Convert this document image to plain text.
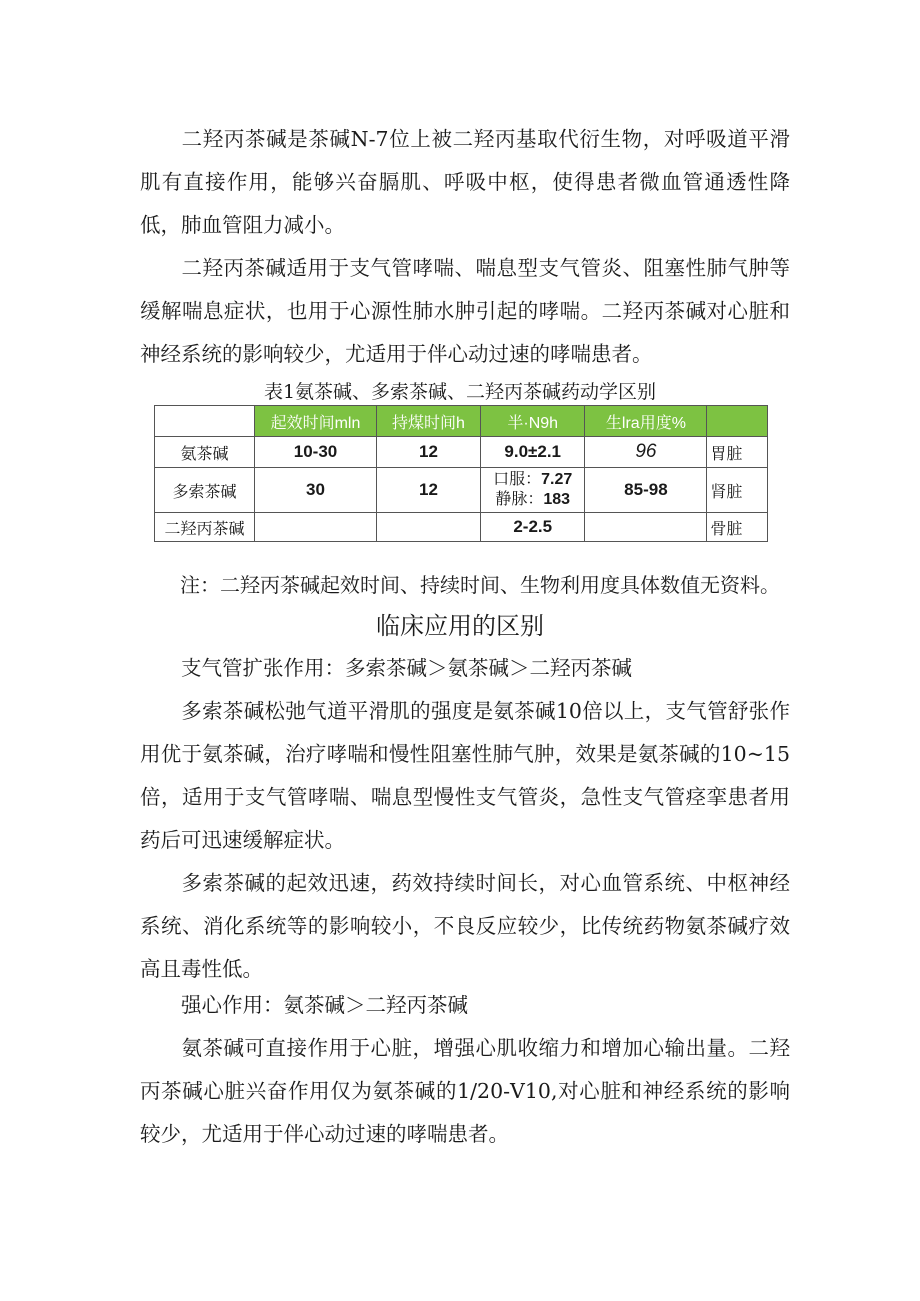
二羟丙茶碱是茶碱N-7位上被二羟丙基取代衍生物，对呼吸道平滑肌有直接作用，能够兴奋膈肌、呼吸中枢，使得患者微血管通透性降低，肺血管阻力减小。

二羟丙茶碱适用于支气管哮喘、喘息型支气管炎、阻塞性肺气肿等缓解喘息症状，也用于心源性肺水肿引起的哮喘。二羟丙茶碱对心脏和神经系统的影响较少，尤适用于伴心动过速的哮喘患者。

表1氨茶碱、多索茶碱、二羟丙茶碱药动学区别

	起效时间mln	持煤时间h	半·N9h	生lra用度%	
氨茶碱	10-30	12	9.0±2.1	96	胃脏
多索茶碱	30	12	口服：7.27
静脉：183	85-98	肾脏
二羟丙茶碱			2-2.5		骨脏

注：二羟丙茶碱起效时间、持续时间、生物利用度具体数值无资料。

临床应用的区别

支气管扩张作用：多索茶碱＞氨茶碱＞二羟丙茶碱

多索茶碱松弛气道平滑肌的强度是氨茶碱10倍以上，支气管舒张作用优于氨茶碱，治疗哮喘和慢性阻塞性肺气肿，效果是氨茶碱的10~15倍，适用于支气管哮喘、喘息型慢性支气管炎，急性支气管痉挛患者用药后可迅速缓解症状。

多索茶碱的起效迅速，药效持续时间长，对心血管系统、中枢神经系统、消化系统等的影响较小，不良反应较少，比传统药物氨茶碱疗效高且毒性低。

强心作用：氨茶碱＞二羟丙茶碱

氨茶碱可直接作用于心脏，增强心肌收缩力和增加心输出量。二羟丙茶碱心脏兴奋作用仅为氨茶碱的1/20-V10,对心脏和神经系统的影响较少，尤适用于伴心动过速的哮喘患者。
